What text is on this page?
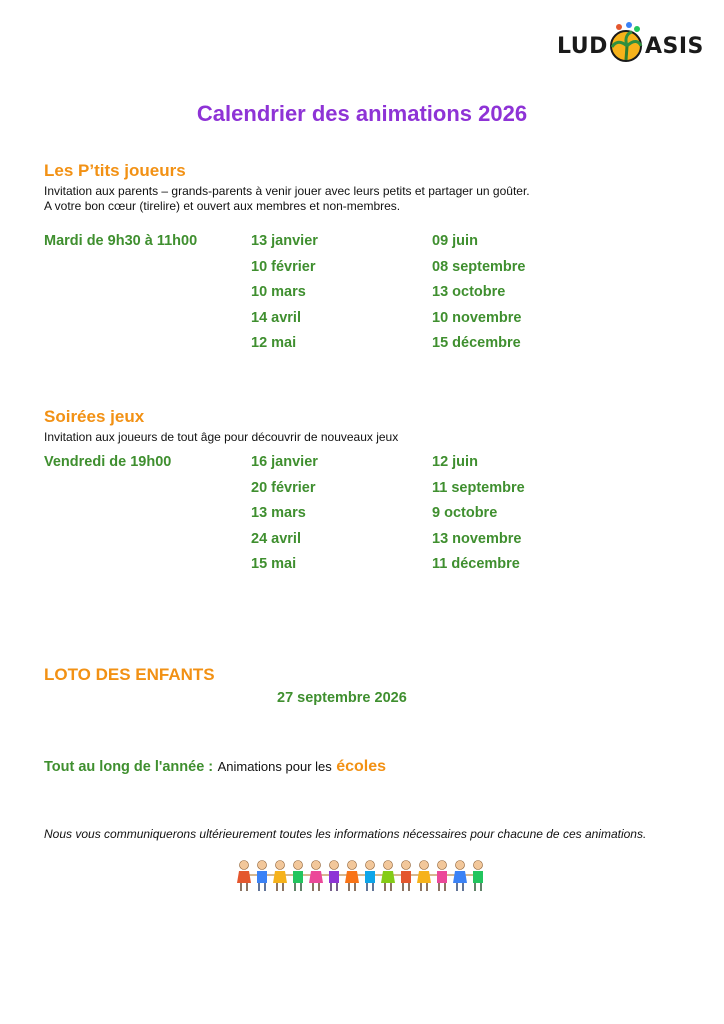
LUD ASIS
Calendrier des animations 2026
Les P’tits joueurs
Invitation aux parents – grands-parents à venir jouer avec leurs petits et partager un goûter.
A votre bon cœur (tirelire) et ouvert aux membres et non-membres.
Mardi de 9h30 à 11h00	13 janvier
10 février
10 mars
14 avril
12 mai
09 juin
08 septembre
13 octobre
10 novembre
15 décembre
Soirées jeux
Invitation aux joueurs de tout âge pour découvrir de nouveaux jeux
Vendredi de 19h00	16 janvier
20 février
13 mars
24 avril
15 mai
12 juin
11 septembre
9 octobre
13 novembre
11 décembre
LOTO DES ENFANTS
27 septembre 2026
Tout au long de l'année : Animations pour les écoles
Nous vous communiquerons ultérieurement toutes les informations nécessaires pour chacune de ces animations.
